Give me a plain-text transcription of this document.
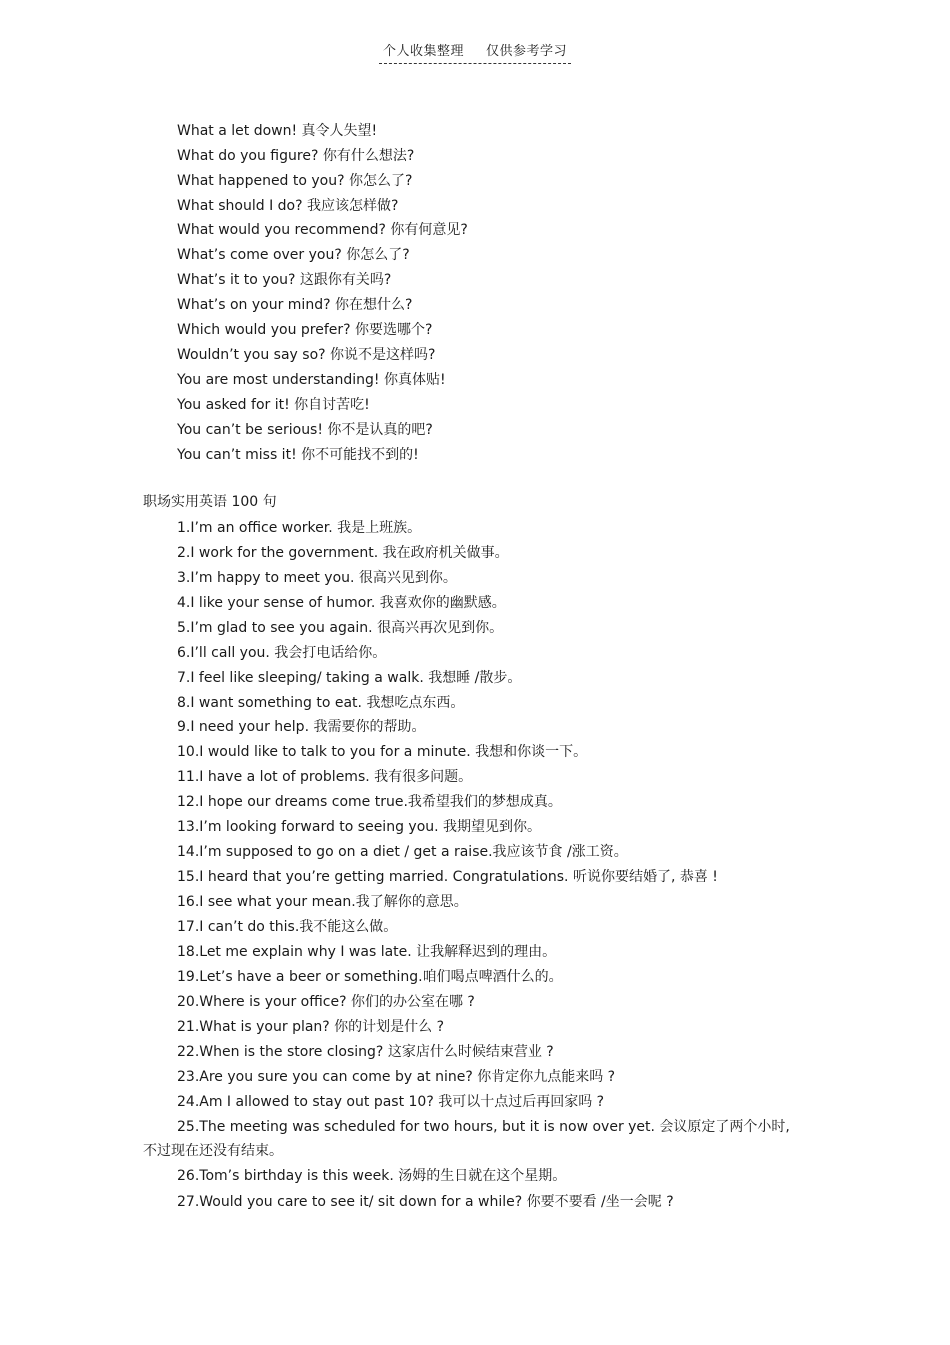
个人收集整理 仅供参考学习
What a let down! 真令人失望!
What do you figure? 你有什么想法?
What happened to you? 你怎么了?
What should I do? 我应该怎样做?
What would you recommend? 你有何意见?
What’s come over you? 你怎么了?
What’s it to you? 这跟你有关吗?
What’s on your mind? 你在想什么?
Which would you prefer? 你要选哪个?
Wouldn’t you say so? 你说不是这样吗?
You are most understanding! 你真体贴!
You asked for it! 你自讨苦吃!
You can’t be serious! 你不是认真的吧?
You can’t miss it! 你不可能找不到的!
职场实用英语 100 句
1.I’m an office worker. 我是上班族。
2.I work for the government. 我在政府机关做事。
3.I’m happy to meet you. 很高兴见到你。
4.I like your sense of humor. 我喜欢你的幽默感。
5.I’m glad to see you again. 很高兴再次见到你。
6.I’ll call you. 我会打电话给你。
7.I feel like sleeping/ taking a walk. 我想睡 /散步。
8.I want something to eat. 我想吃点东西。
9.I need your help. 我需要你的帮助。
10.I would like to talk to you for a minute. 我想和你谈一下。
11.I have a lot of problems. 我有很多问题。
12.I hope our dreams come true.我希望我们的梦想成真。
13.I’m looking forward to seeing you. 我期望见到你。
14.I’m supposed to go on a diet / get a raise.我应该节食 /涨工资。
15.I heard that you’re getting married. Congratulations. 听说你要结婚了, 恭喜 !
16.I see what your mean.我了解你的意思。
17.I can’t do this.我不能这么做。
18.Let me explain why I was late. 让我解释迟到的理由。
19.Let’s have a beer or something.咱们喝点啤酒什么的。
20.Where is your office? 你们的办公室在哪 ?
21.What is your plan? 你的计划是什么 ?
22.When is the store closing? 这家店什么时候结束营业 ?
23.Are you sure you can come by at nine? 你肯定你九点能来吗 ?
24.Am I allowed to stay out past 10? 我可以十点过后再回家吗 ?
25.The meeting was scheduled for two hours, but it is now over yet. 会议原定了两个小时,
不过现在还没有结束。
26.Tom’s birthday is this week. 汤姆的生日就在这个星期。
27.Would you care to see it/ sit down for a while? 你要不要看 /坐一会呢 ?
